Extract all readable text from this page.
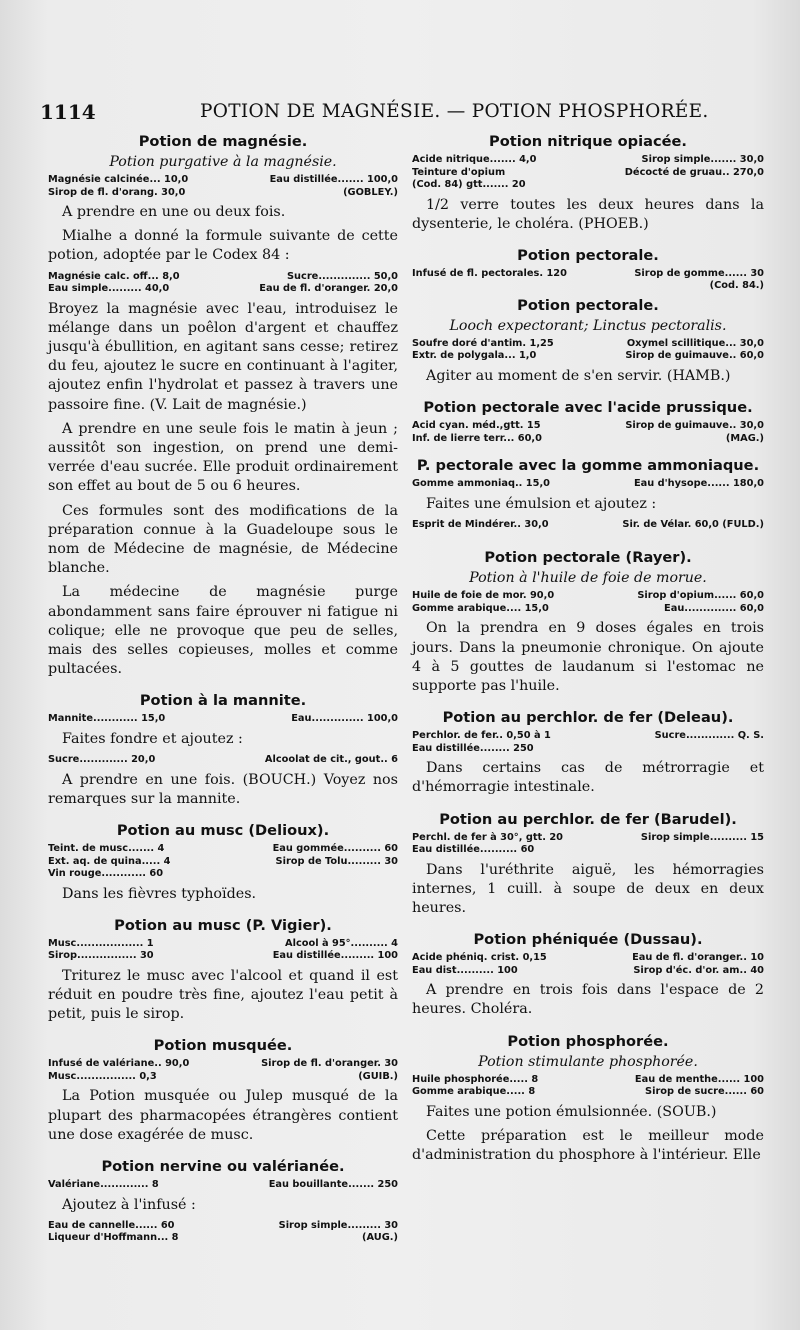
1114	POTION DE MAGNÉSIE. — POTION PHOSPHORÉE.
Potion de magnésie.
Potion purgative à la magnésie.
Magnésie calcinée... 10,0	Eau distillée....... 100,0
Sirop de fl. d'orang. 30,0	(GOBLEY.)

A prendre en une ou deux fois.

Mialhe a donné la formule suivante de cette potion, adoptée par le Codex 84 :

Magnésie calc. off... 8,0	Sucre.............. 50,0
Eau simple......... 40,0	Eau de fl. d'oranger. 20,0

Broyez la magnésie avec l'eau, introduisez le mélange dans un poêlon d'argent et chauffez jusqu'à ébullition, en agitant sans cesse; retirez du feu, ajoutez le sucre en continuant à l'agiter, ajoutez enfin l'hydrolat et passez à travers une passoire fine. (V. Lait de magnésie.)

A prendre en une seule fois le matin à jeun ; aussitôt son ingestion, on prend une demi-verrée d'eau sucrée. Elle produit ordinairement son effet au bout de 5 ou 6 heures.

Ces formules sont des modifications de la préparation connue à la Guadeloupe sous le nom de Médecine de magnésie, de Médecine blanche.

La médecine de magnésie purge abondamment sans faire éprouver ni fatigue ni colique; elle ne provoque que peu de selles, mais des selles copieuses, molles et comme pultacées.

Potion à la mannite.
Mannite............ 15,0	Eau.............. 100,0

Faites fondre et ajoutez :

Sucre............. 20,0	Alcoolat de cit., gout.. 6

A prendre en une fois. (BOUCH.) Voyez nos remarques sur la mannite.

Potion au musc (Delioux).
Teint. de musc....... 4	Eau gommée.......... 60
Ext. aq. de quina..... 4	Sirop de Tolu......... 30
Vin rouge............ 60

Dans les fièvres typhoïdes.

Potion au musc (P. Vigier).
Musc.................. 1	Alcool à 95°.......... 4
Sirop................ 30	Eau distillée......... 100

Triturez le musc avec l'alcool et quand il est réduit en poudre très fine, ajoutez l'eau petit à petit, puis le sirop.

Potion musquée.
Infusé de valériane.. 90,0	Sirop de fl. d'oranger. 30
Musc................ 0,3	(GUIB.)

La Potion musquée ou Julep musqué de la plupart des pharmacopées étrangères contient une dose exagérée de musc.

Potion nervine ou valérianée.
Valériane............. 8	Eau bouillante....... 250

Ajoutez à l'infusé :

Eau de cannelle...... 60	Sirop simple......... 30
Liqueur d'Hoffmann... 8	(AUG.)
Potion nitrique opiacée.
Acide nitrique....... 4,0	Sirop simple....... 30,0
Teinture d'opium	Décocté de gruau.. 270,0
(Cod. 84) gtt....... 20

1/2 verre toutes les deux heures dans la dysenterie, le choléra. (PHOEB.)

Potion pectorale.
Infusé de fl. pectorales. 120	Sirop de gomme...... 30
(Cod. 84.)
Potion pectorale.
Looch expectorant; Linctus pectoralis.
Soufre doré d'antim. 1,25	Oxymel scillitique... 30,0
Extr. de polygala... 1,0	Sirop de guimauve.. 60,0

Agiter au moment de s'en servir. (HAMB.)

Potion pectorale avec l'acide prussique.
Acid cyan. méd.,gtt. 15	Sirop de guimauve.. 30,0
Inf. de lierre terr... 60,0	(MAG.)
P. pectorale avec la gomme ammoniaque.
Gomme ammoniaq.. 15,0	Eau d'hysope...... 180,0

Faites une émulsion et ajoutez :

Esprit de Mindérer.. 30,0	Sir. de Vélar. 60,0 (FULD.)
Potion pectorale (Rayer).
Potion à l'huile de foie de morue.
Huile de foie de mor. 90,0	Sirop d'opium...... 60,0
Gomme arabique.... 15,0	Eau.............. 60,0

On la prendra en 9 doses égales en trois jours. Dans la pneumonie chronique. On ajoute 4 à 5 gouttes de laudanum si l'estomac ne supporte pas l'huile.

Potion au perchlor. de fer (Deleau).
Perchlor. de fer.. 0,50 à 1	Sucre............. Q. S.
Eau distillée........ 250

Dans certains cas de métrorragie et d'hémorragie intestinale.

Potion au perchlor. de fer (Barudel).
Perchl. de fer à 30°, gtt. 20	Sirop simple.......... 15
Eau distillée.......... 60

Dans l'uréthrite aiguë, les hémorragies internes, 1 cuill. à soupe de deux en deux heures.

Potion phéniquée (Dussau).
Acide phéniq. crist. 0,15	Eau de fl. d'oranger.. 10
Eau dist.......... 100	Sirop d'éc. d'or. am.. 40

A prendre en trois fois dans l'espace de 2 heures. Choléra.

Potion phosphorée.
Potion stimulante phosphorée.
Huile phosphorée..... 8	Eau de menthe...... 100
Gomme arabique..... 8	Sirop de sucre...... 60

Faites une potion émulsionnée. (SOUB.)

Cette préparation est le meilleur mode d'administration du phosphore à l'intérieur. Elle
